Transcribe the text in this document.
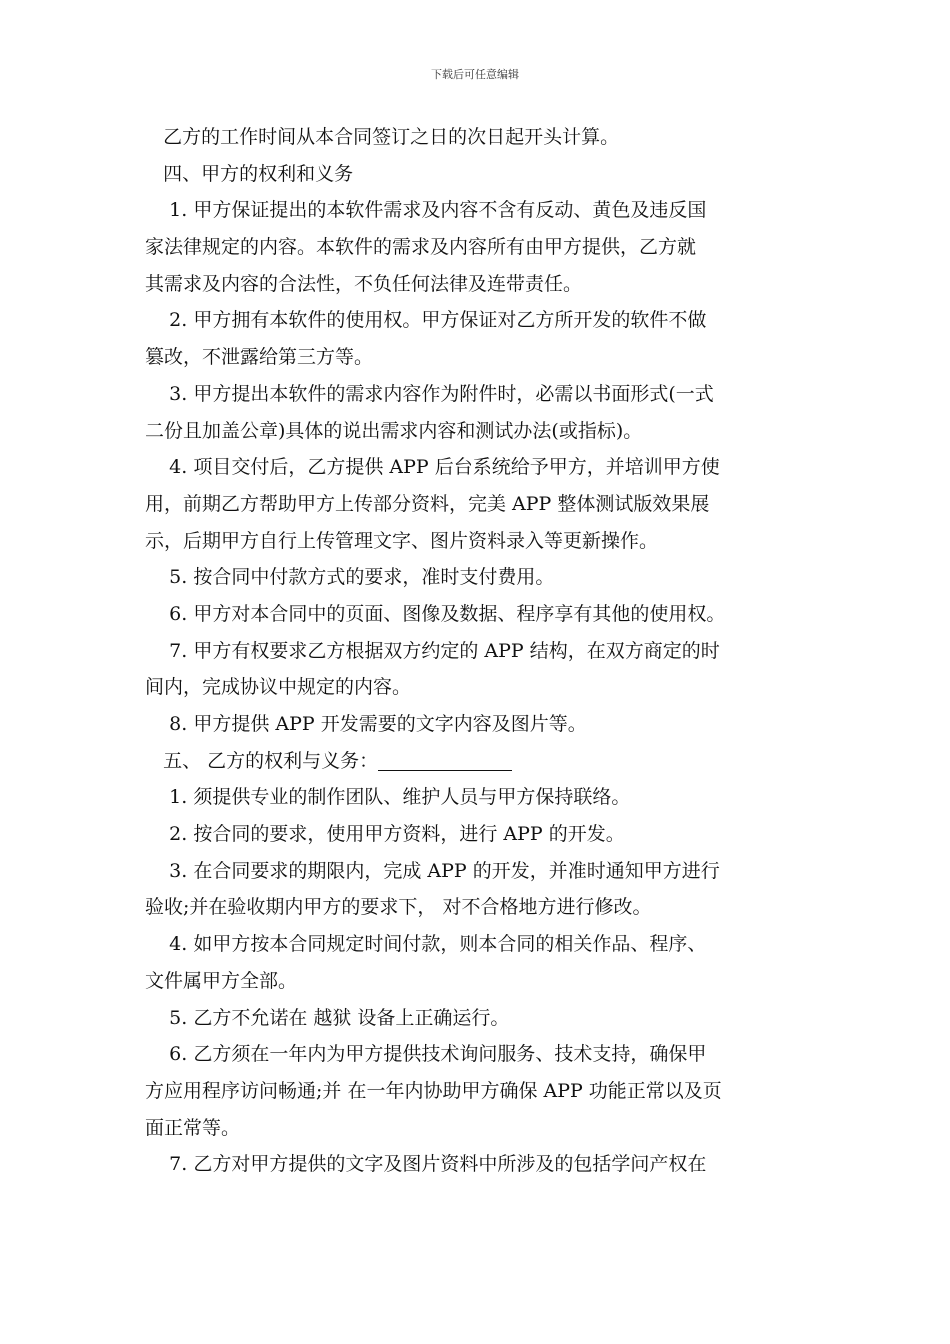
下载后可任意编辑
乙方的工作时间从本合同签订之日的次日起开头计算。
四、甲方的权利和义务
1. 甲方保证提出的本软件需求及内容不含有反动、黄色及违反国
家法律规定的内容。本软件的需求及内容所有由甲方提供，乙方就
其需求及内容的合法性，不负任何法律及连带责任。
2. 甲方拥有本软件的使用权。甲方保证对乙方所开发的软件不做
篡改，不泄露给第三方等。
3. 甲方提出本软件的需求内容作为附件时，必需以书面形式(一式
二份且加盖公章)具体的说出需求内容和测试办法(或指标)。
4. 项目交付后，乙方提供 APP 后台系统给予甲方，并培训甲方使
用，前期乙方帮助甲方上传部分资料，完美 APP 整体测试版效果展
示，后期甲方自行上传管理文字、图片资料录入等更新操作。
5. 按合同中付款方式的要求，准时支付费用。
6. 甲方对本合同中的页面、图像及数据、程序享有其他的使用权。
7. 甲方有权要求乙方根据双方约定的 APP 结构，在双方商定的时
间内，完成协议中规定的内容。
8. 甲方提供 APP 开发需要的文字内容及图片等。
五、 乙方的权利与义务：
1. 须提供专业的制作团队、维护人员与甲方保持联络。
2. 按合同的要求，使用甲方资料，进行 APP 的开发。
3. 在合同要求的期限内，完成 APP 的开发，并准时通知甲方进行
验收;并在验收期内甲方的要求下， 对不合格地方进行修改。
4. 如甲方按本合同规定时间付款，则本合同的相关作品、程序、
文件属甲方全部。
5. 乙方不允诺在 越狱 设备上正确运行。
6. 乙方须在一年内为甲方提供技术询问服务、技术支持，确保甲
方应用程序访问畅通;并 在一年内协助甲方确保 APP 功能正常以及页
面正常等。
7. 乙方对甲方提供的文字及图片资料中所涉及的包括学问产权在
